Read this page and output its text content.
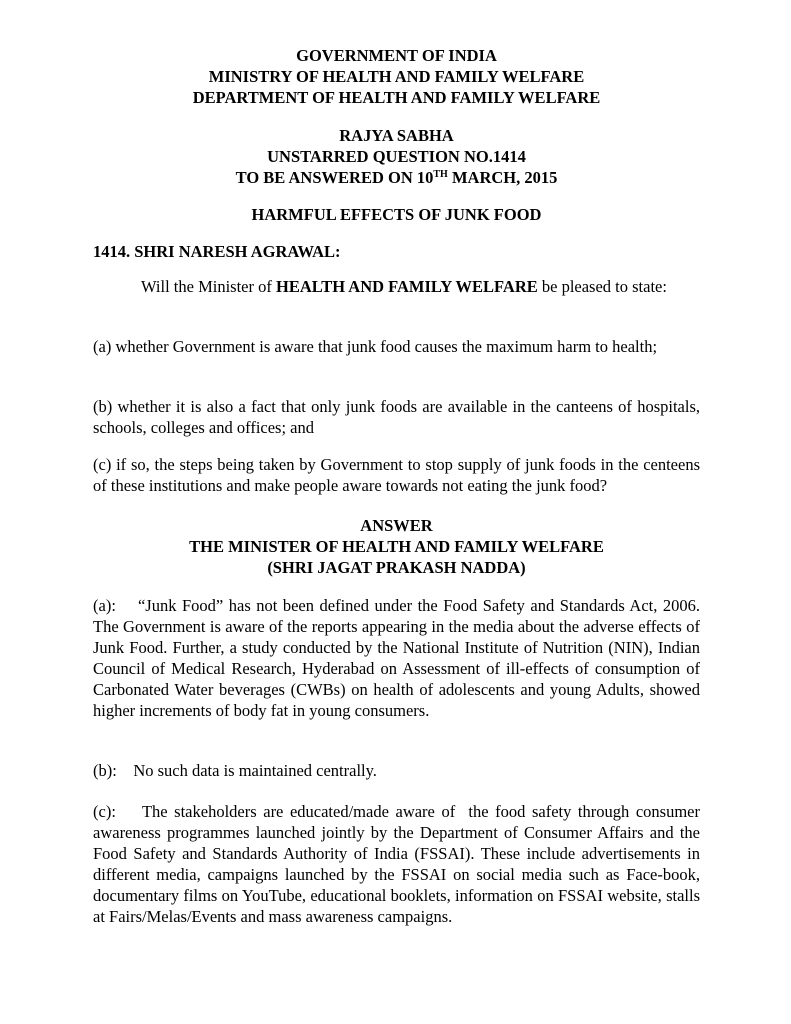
GOVERNMENT OF INDIA
MINISTRY OF HEALTH AND FAMILY WELFARE
DEPARTMENT OF HEALTH AND FAMILY WELFARE
RAJYA SABHA
UNSTARRED QUESTION NO.1414
TO BE ANSWERED ON 10TH MARCH, 2015
HARMFUL EFFECTS OF JUNK FOOD
1414. SHRI NARESH AGRAWAL:
Will the Minister of HEALTH AND FAMILY WELFARE be pleased to state:
(a) whether Government is aware that junk food causes the maximum harm to health;
(b) whether it is also a fact that only junk foods are available in the canteens of hospitals, schools, colleges and offices; and
(c) if so, the steps being taken by Government to stop supply of junk foods in the centeens of these institutions and make people aware towards not eating the junk food?
ANSWER
THE MINISTER OF HEALTH AND FAMILY WELFARE
(SHRI JAGAT PRAKASH NADDA)
(a):    “Junk Food” has not been defined under the Food Safety and Standards Act, 2006. The Government is aware of the reports appearing in the media about the adverse effects of Junk Food. Further, a study conducted by the National Institute of Nutrition (NIN), Indian Council of Medical Research, Hyderabad on Assessment of ill-effects of consumption of Carbonated Water beverages (CWBs) on health of adolescents and young Adults, showed higher increments of body fat in young consumers.
(b):    No such data is maintained centrally.
(c):    The stakeholders are educated/made aware of  the food safety through consumer awareness programmes launched jointly by the Department of Consumer Affairs and the Food Safety and Standards Authority of India (FSSAI). These include advertisements in different media, campaigns launched by the FSSAI on social media such as Face-book, documentary films on YouTube, educational booklets, information on FSSAI website, stalls at Fairs/Melas/Events and mass awareness campaigns.
